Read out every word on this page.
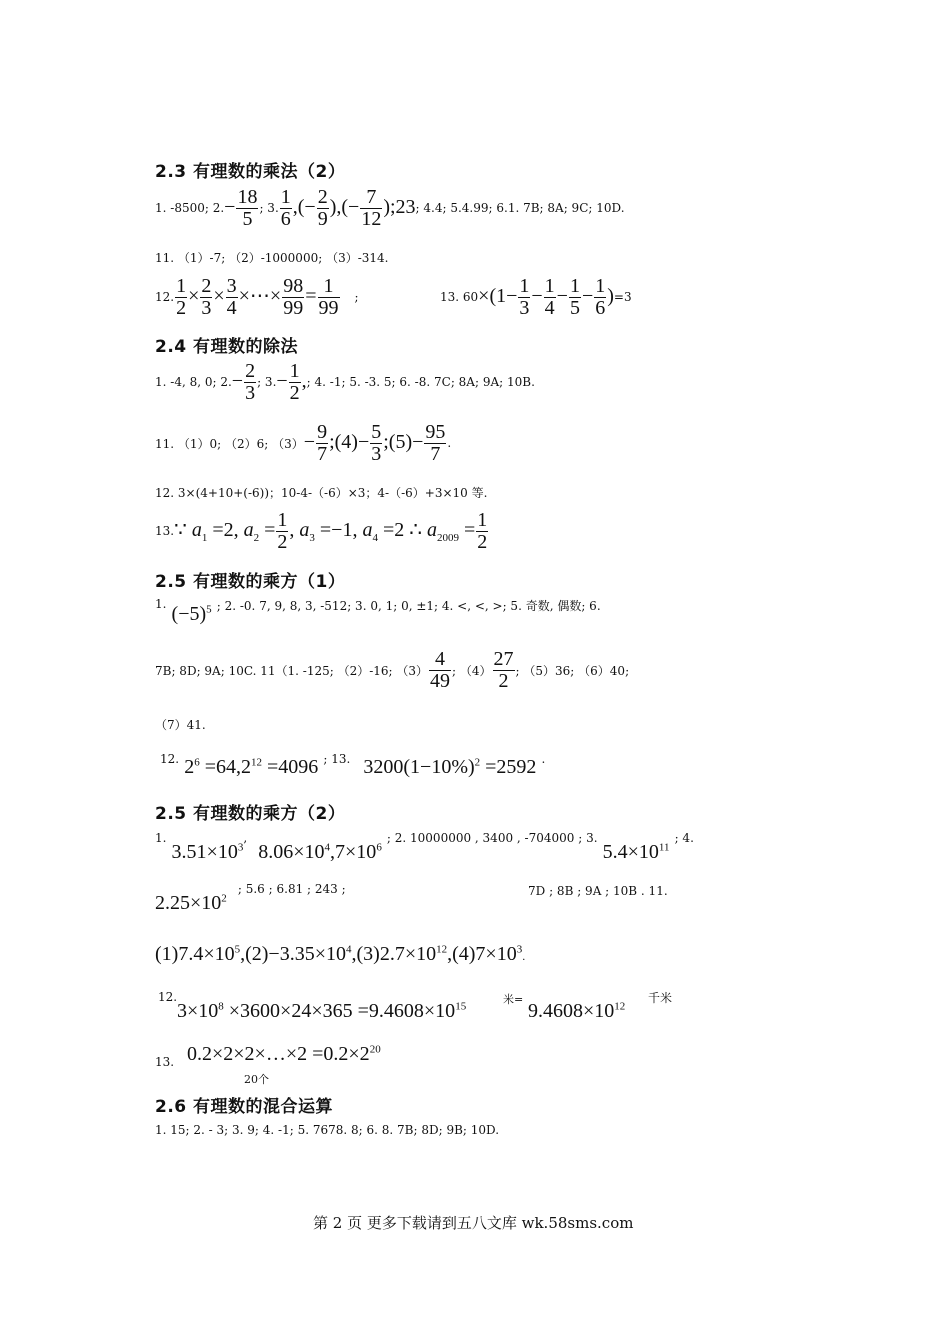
2.3 有理数的乘法（2）
1. -8500; 2. − $\frac{18}{5}$ ; 3. $\frac{1}{6}$ ,(− $\frac{2}{9}$ ),(− $\frac{7}{12}$ );23 ; 4.4; 5.4.99; 6.1. 7B; 8A; 9C; 10D.
11. （1）-7; （2）-1000000; （3）-314.
12. $\frac{1}{2} \times \frac{2}{3} \times \frac{3}{4}$ ×⋯× $\frac{98}{99} = \frac{1}{99}$ ;	13. $60 \times(1- \frac{1}{3} - \frac{1}{4} - \frac{1}{5} - \frac{1}{6}$ ) =3
2.4 有理数的除法
1. -4, 8, 0; 2. − $\frac{2}{3}$ ; 3. − $\frac{1}{2}$ , ; 4. -1; 5. -3. 5; 6. -8. 7C; 8A; 9A; 10B.
11. （1）0; （2）6; $(3) - \frac{9}{7}$ ;(4)− $\frac{5}{3}$ ;(5)− $\frac{95}{7}$ .
12. 3×(4+10+(-6))；10-4-（-6）×3；4-（-6）+3×10 等.
13. ∵ $a_1 =2$, $a_2 = \frac{1}{2}$ , $a_3 =-1$, $a_4 =2$ ∴ $a_{2009} = \frac{1}{2}$
2.5 有理数的乘方（1）
$^{1.}$ $(-5)^5$ $^{; 2. -0. 7, 9, 8, 3, -512; 3. 0, 1; 0, \pm 1; 4. <, <, >; 5. 奇数, 偶数; 6.}$
7B; 8D; 9A; 10C. 11（1. -125; （2）-16; $(3) \frac{4}{49}$ ; $(4) \frac{27}{2}$ ; （5）36; （6）40;
（7）41.
$^{12.}$ $2^6 =64,2^{12} =4096$ $^{; 13.}$ $3200(1-10\%)^2 =2592$ .
2.5 有理数的乘方（2）
$^{1.}$ $3.51\times 10^{3,}$ $8.06\times 10^4,7\times 10^6$ $^{; 2. 10000000 , 3400 , -704000 ; 3.}$ $5.4\times 10^{11}$ $^{; 4.}$
$2.25\times 10^2$ $^{; 5.6 ; 6.81 ; 243 ;}$	7D ; 8B ; 9A ; 10B . 11.
$(1)7.4\times 10^5,(2)-3.35\times 10^4,(3)2.7\times 10^{12},(4)7\times 10^3$.
12.
$3\times 10^8 \times 3600\times 24\times 365 =9.4608\times 10^{15}$
米=
$9.4608\times 10^{12}$
千米
13. 0.2×2×2×…×2 $=0.2\times 2^{20}$
20个
2.6 有理数的混合运算
1. 15; 2. - 3; 3. 9; 4. -1; 5. 7678. 8; 6. 8. 7B; 8D; 9B; 10D.
第 2 页 更多下载请到五八文库 wk.58sms.com
